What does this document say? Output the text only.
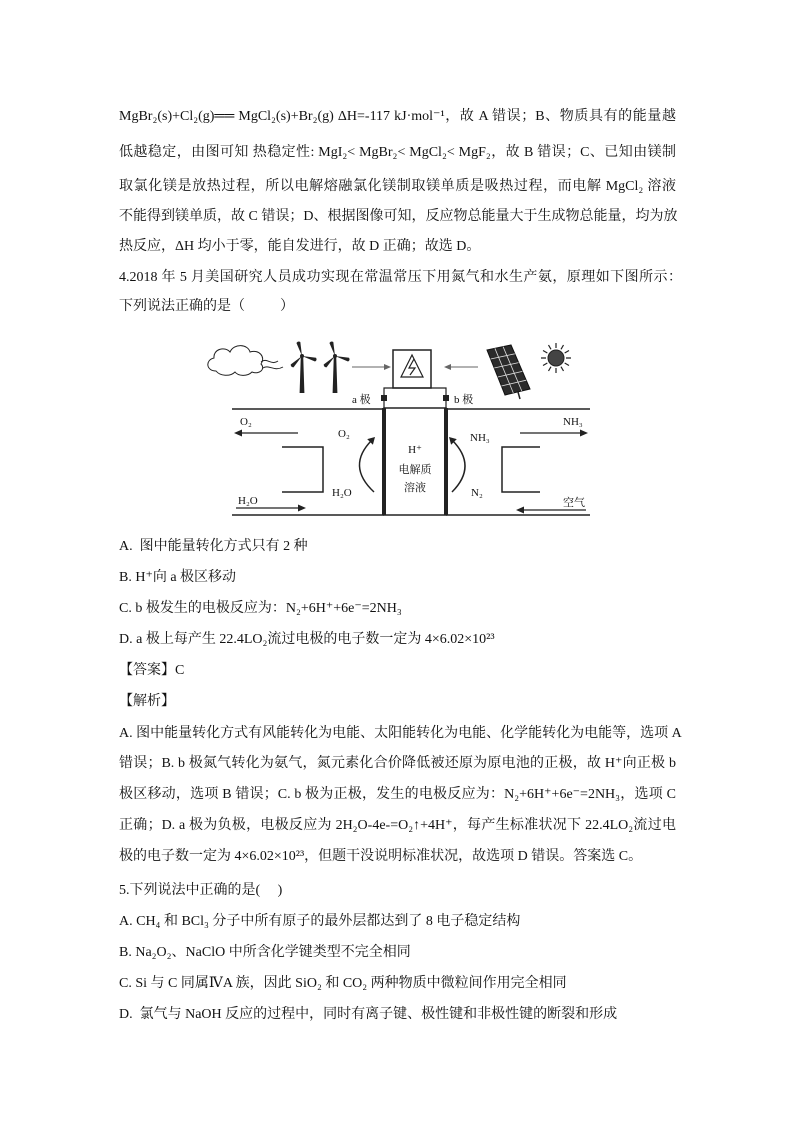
MgBr₂(s)+Cl₂(g)══ MgCl₂(s)+Br₂(g) ΔH=-117 kJ·mol⁻¹，故 A 错误；B、物质具有的能量越
低越稳定，由图可知 热稳定性: MgI₂< MgBr₂< MgCl₂< MgF₂，故 B 错误；C、已知由镁制
取氯化镁是放热过程，所以电解熔融氯化镁制取镁单质是吸热过程，而电解 MgCl₂ 溶液
不能得到镁单质，故 C 错误；D、根据图像可知，反应物总能量大于生成物总能量，均为放
热反应，ΔH 均小于零，能自发进行，故 D 正确；故选 D。
4.2018 年 5 月美国研究人员成功实现在常温常压下用氮气和水生产氨，原理如下图所示：
下列说法正确的是（          ）
a 极	b 极
H⁺
电解质
溶液
O₂
H₂O
O₂
H₂O
NH₃
N₂
NH₃
空气
A.  图中能量转化方式只有 2 种
B. H⁺向 a 极区移动
C. b 极发生的电极反应为：N₂+6H⁺+6e⁻=2NH₃
D. a 极上每产生 22.4LO₂流过电极的电子数一定为 4×6.02×10²³
【答案】C
【解析】
A. 图中能量转化方式有风能转化为电能、太阳能转化为电能、化学能转化为电能等，选项 A
错误；B. b 极氮气转化为氨气，氮元素化合价降低被还原为原电池的正极，故 H⁺向正极 b
极区移动，选项 B 错误；C. b 极为正极，发生的电极反应为：N₂+6H⁺+6e⁻=2NH₃，选项 C
正确；D. a 极为负极，电极反应为 2H₂O-4e-=O₂↑+4H⁺，每产生标准状况下 22.4LO₂流过电
极的电子数一定为 4×6.02×10²³，但题干没说明标准状况，故选项 D 错误。答案选 C。
5.下列说法中正确的是(     )
A. CH₄ 和 BCl₃ 分子中所有原子的最外层都达到了 8 电子稳定结构
B. Na₂O₂、NaClO 中所含化学键类型不完全相同
C. Si 与 C 同属ⅣA 族，因此 SiO₂ 和 CO₂ 两种物质中微粒间作用完全相同
D.  氯气与 NaOH 反应的过程中，同时有离子键、极性键和非极性键的断裂和形成
